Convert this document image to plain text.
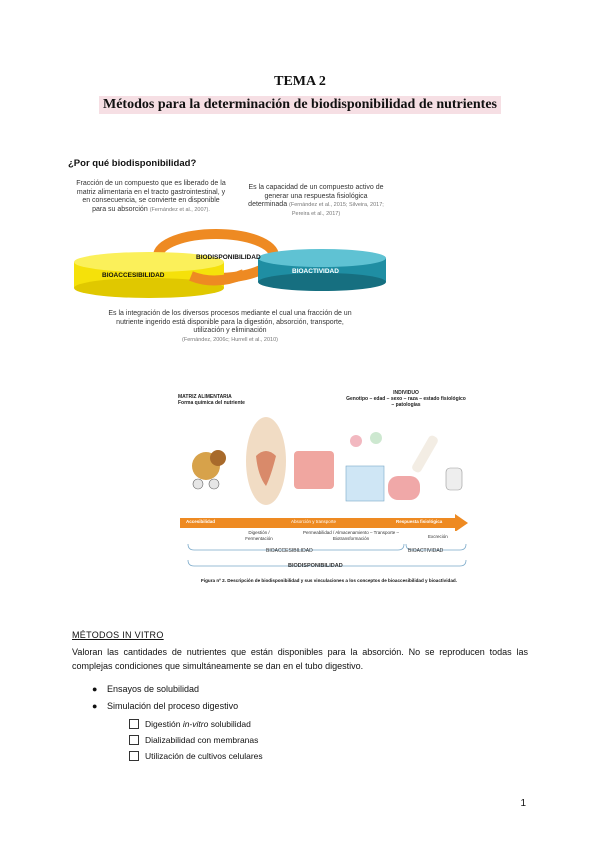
TEMA 2

Métodos para la determinación de biodisponibilidad de nutrientes
¿Por qué biodisponibilidad?
Fracción de un compuesto que es liberado de la matriz alimentaria en el tracto gastrointestinal, y en consecuencia, se convierte en disponible para su absorción (Fernández et al., 2007).
Es la capacidad de un compuesto activo de generar una respuesta fisiológica determinada (Fernández et al., 2015; Silveira, 2017; Pereira et al., 2017)
BIODISPONIBILIDAD
BIOACCESIBILIDAD
BIOACTIVIDAD
Es la integración de los diversos procesos mediante el cual una fracción de un nutriente ingerido está disponible para la digestión, absorción, transporte, utilización y eliminación
(Fernández, 2006c; Hurrell et al., 2010)
MATRIZ ALIMENTARIA
Forma química del nutriente
INDIVIDUO
Genotipo – edad – sexo – raza – estado fisiológico – patologías
Accesibilidad	Absorción y transporte	Respuesta fisiológica
Digestión / Fermentación
Permeabilidad / Almacenamiento – Transporte – Biotransformación	Excreción
BIOACCESIBILIDAD	BIOACTIVIDAD
BIODISPONIBILIDAD
Figura nº 2. Descripción de biodisponibilidad y sus vinculaciones a los conceptos de bioaccesibilidad y bioactividad.
MÉTODOS IN VITRO
Valoran las cantidades de nutrientes que están disponibles para la absorción. No se reproducen todas las complejas condiciones que simultáneamente se dan en el tubo digestivo.
● Ensayos de solubilidad
● Simulación del proceso digestivo
Digestión in-vitro solubilidad
Dializabilidad con membranas
Utilización de cultivos celulares
1
